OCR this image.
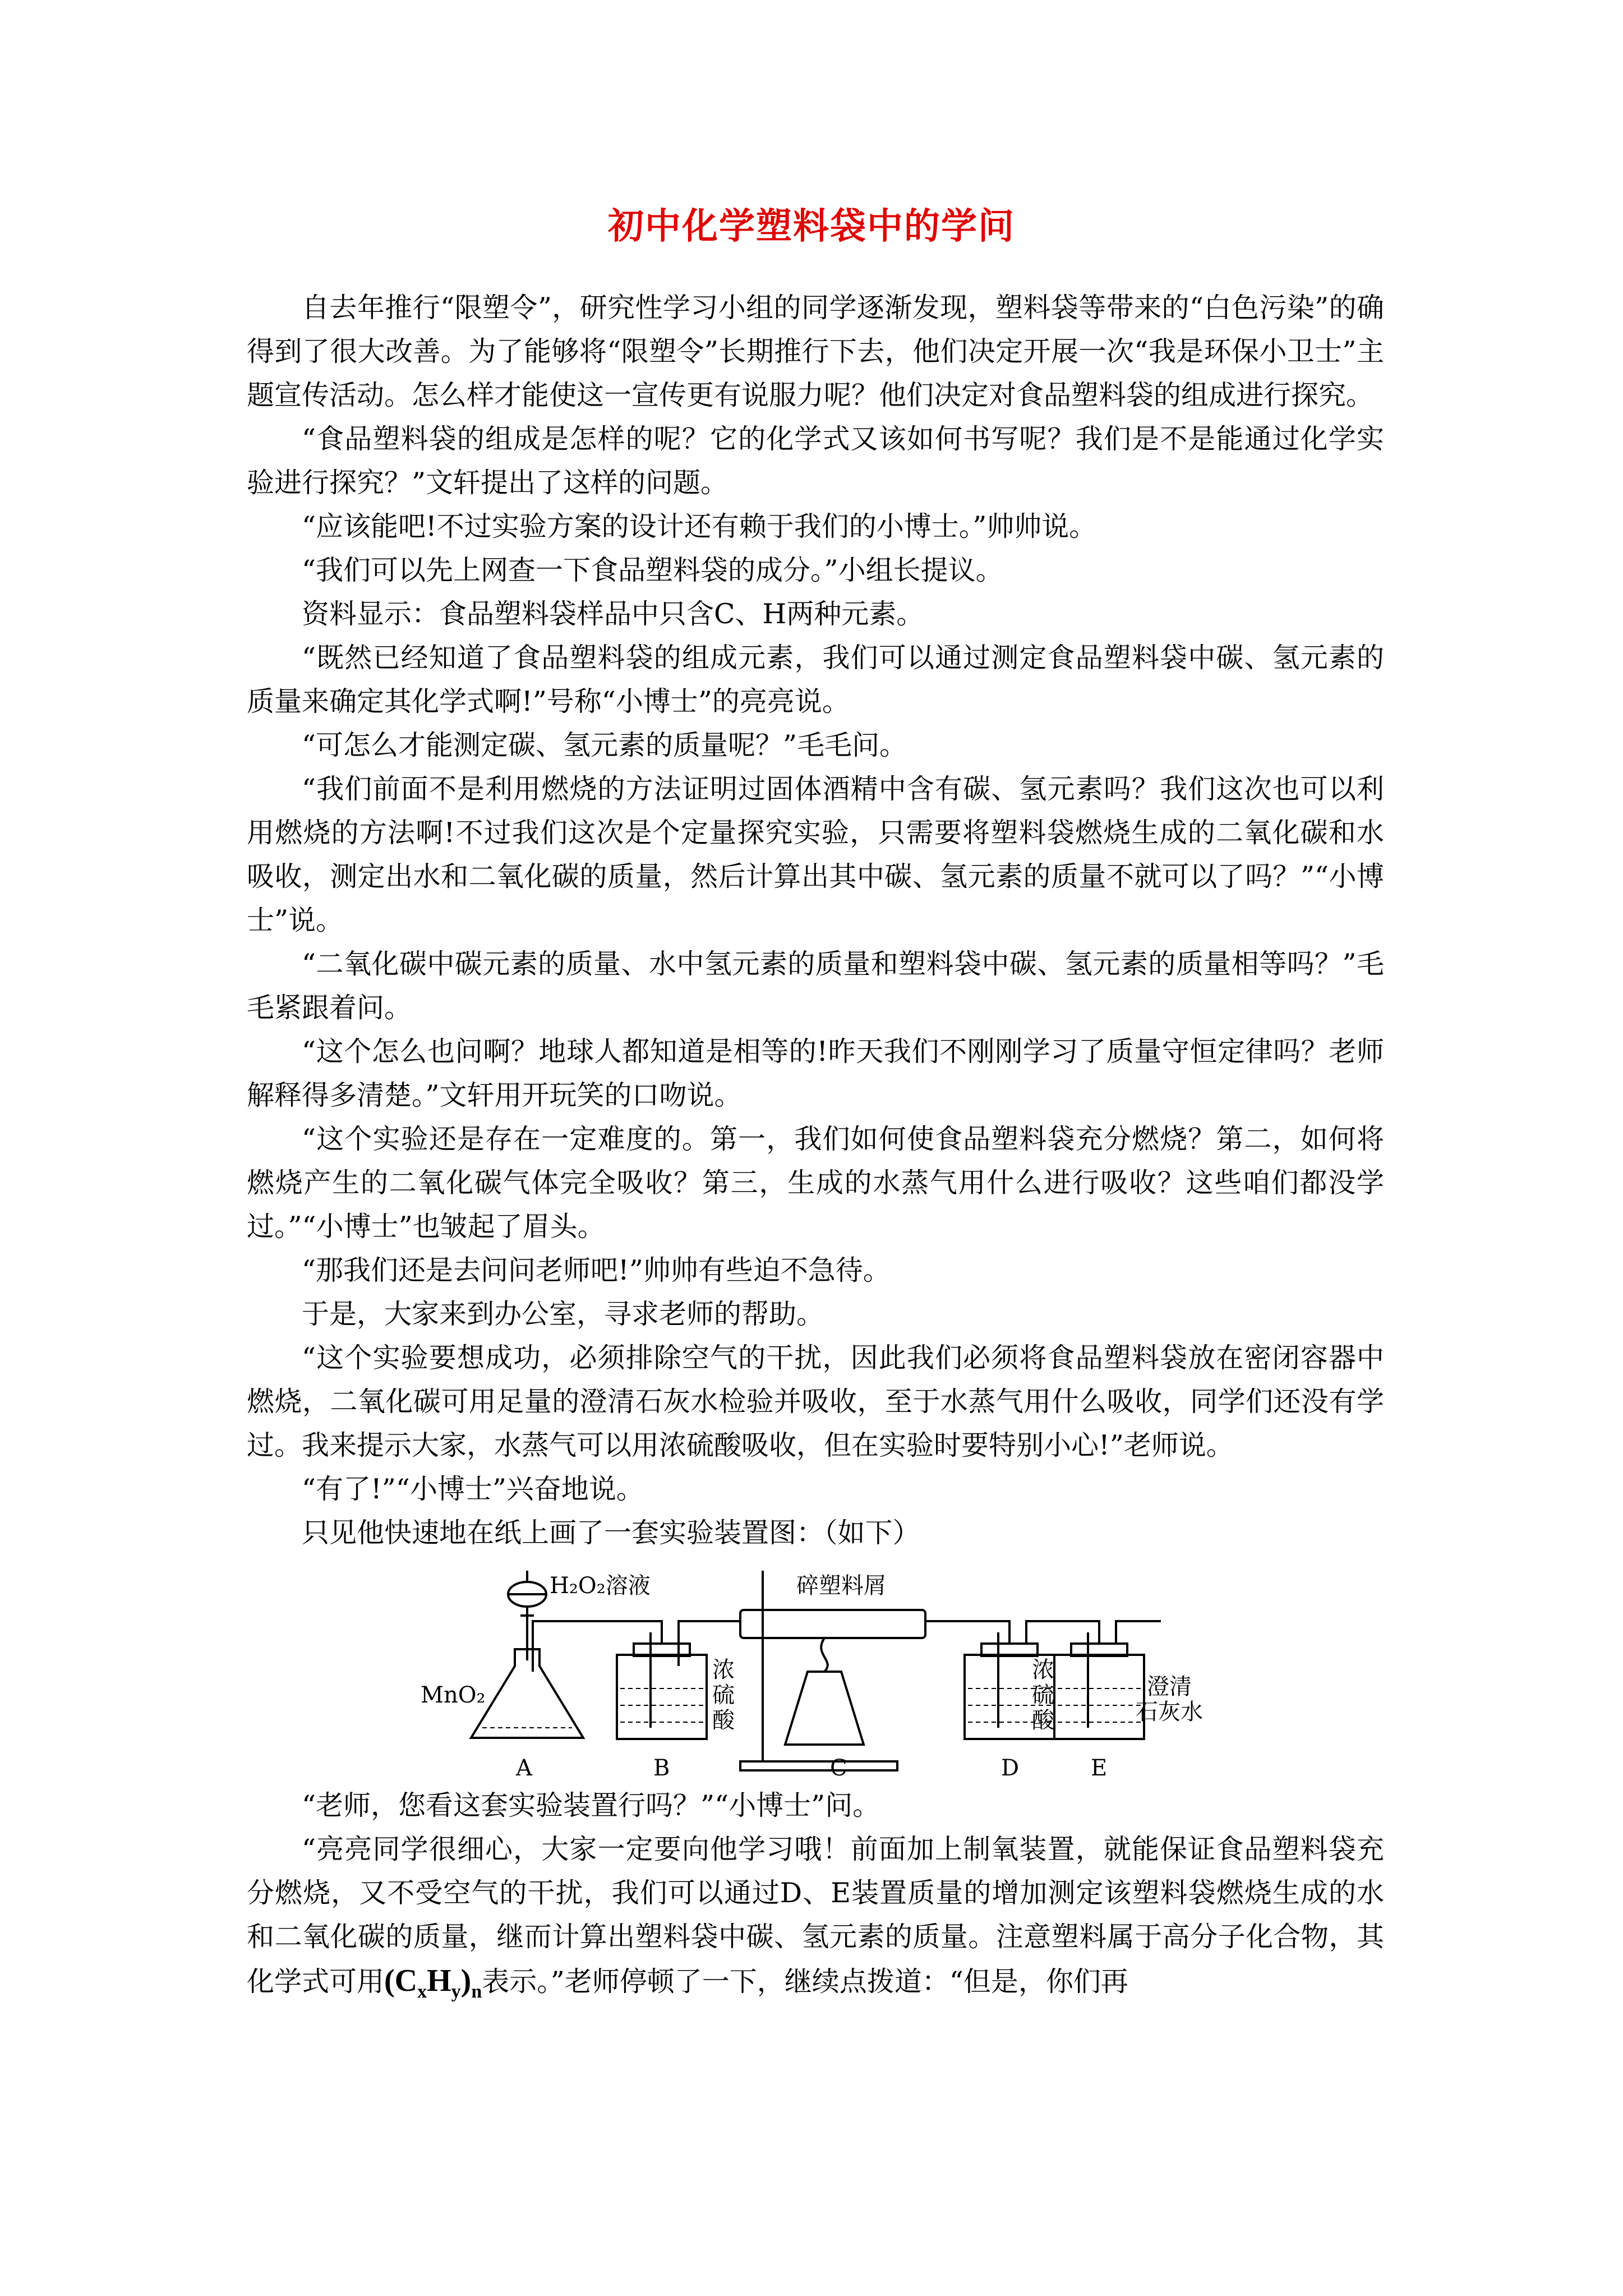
初中化学塑料袋中的学问

自去年推行“限塑令”，研究性学习小组的同学逐渐发现，塑料袋等带来的“白色污染”的确得到了很大改善。为了能够将“限塑令”长期推行下去，他们决定开展一次“我是环保小卫士”主题宣传活动。怎么样才能使这一宣传更有说服力呢？他们决定对食品塑料袋的组成进行探究。

“食品塑料袋的组成是怎样的呢？它的化学式又该如何书写呢？我们是不是能通过化学实验进行探究？”文轩提出了这样的问题。

“应该能吧!不过实验方案的设计还有赖于我们的小博士。”帅帅说。

“我们可以先上网查一下食品塑料袋的成分。”小组长提议。

资料显示：食品塑料袋样品中只含C、H两种元素。

“既然已经知道了食品塑料袋的组成元素，我们可以通过测定食品塑料袋中碳、氢元素的质量来确定其化学式啊!”号称“小博士”的亮亮说。

“可怎么才能测定碳、氢元素的质量呢？”毛毛问。

“我们前面不是利用燃烧的方法证明过固体酒精中含有碳、氢元素吗？我们这次也可以利用燃烧的方法啊!不过我们这次是个定量探究实验，只需要将塑料袋燃烧生成的二氧化碳和水吸收，测定出水和二氧化碳的质量，然后计算出其中碳、氢元素的质量不就可以了吗？”“小博士”说。

“二氧化碳中碳元素的质量、水中氢元素的质量和塑料袋中碳、氢元素的质量相等吗？”毛毛紧跟着问。

“这个怎么也问啊？地球人都知道是相等的!昨天我们不刚刚学习了质量守恒定律吗？老师解释得多清楚。”文轩用开玩笑的口吻说。

“这个实验还是存在一定难度的。第一，我们如何使食品塑料袋充分燃烧？第二，如何将燃烧产生的二氧化碳气体完全吸收？第三，生成的水蒸气用什么进行吸收？这些咱们都没学过。”“小博士”也皱起了眉头。

“那我们还是去问问老师吧!”帅帅有些迫不急待。

于是，大家来到办公室，寻求老师的帮助。

“这个实验要想成功，必须排除空气的干扰，因此我们必须将食品塑料袋放在密闭容器中燃烧，二氧化碳可用足量的澄清石灰水检验并吸收，至于水蒸气用什么吸收，同学们还没有学过。我来提示大家，水蒸气可以用浓硫酸吸收，但在实验时要特别小心!”老师说。

“有了!”“小博士”兴奋地说。

只见他快速地在纸上画了一套实验装置图：（如下）

H₂O₂溶液	碎塑料屑
MnO₂
浓
硫
酸
浓
硫
酸
澄清
石灰水
A	B	C	D	E

“老师，您看这套实验装置行吗？”“小博士”问。

“亮亮同学很细心，大家一定要向他学习哦！前面加上制氧装置，就能保证食品塑料袋充分燃烧，又不受空气的干扰，我们可以通过D、E装置质量的增加测定该塑料袋燃烧生成的水和二氧化碳的质量，继而计算出塑料袋中碳、氢元素的质量。注意塑料属于高分子化合物，其化学式可用$(C_xH_y)_n$表示。”老师停顿了一下，继续点拨道：“但是，你们再
